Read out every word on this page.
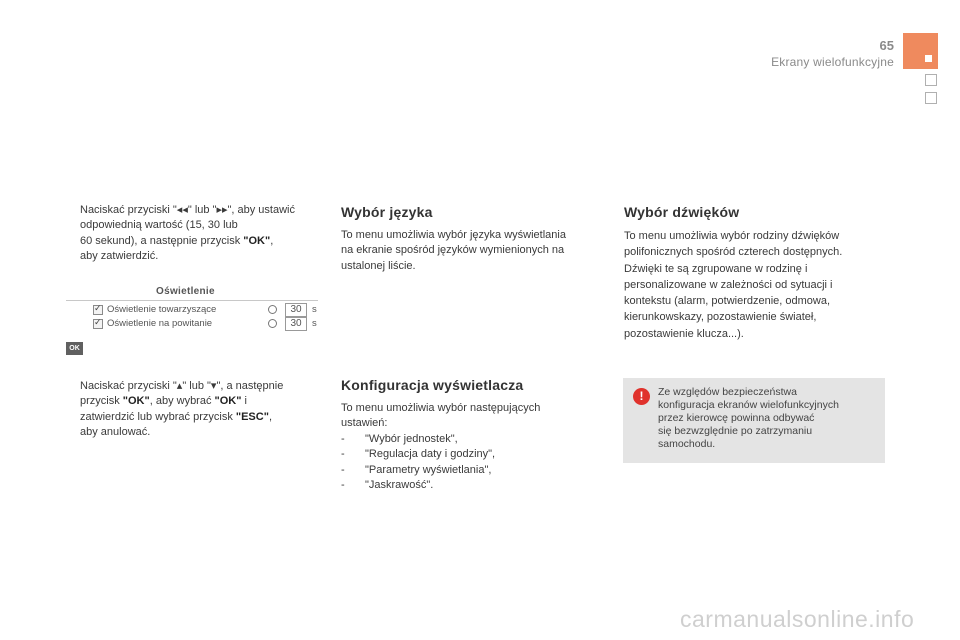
65
Ekrany wielofunkcyjne
Naciskać przyciski "◂◂" lub "▸▸", aby ustawić
odpowiednią wartość (15, 30 lub
60 sekund), a następnie przycisk "OK",
aby zatwierdzić.
Oświetlenie
✓
Oświetlenie towarzyszące	30	s
✓
Oświetlenie na powitanie	30	s
OK
Naciskać przyciski "▴" lub "▾", a następnie
przycisk "OK", aby wybrać "OK" i
zatwierdzić lub wybrać przycisk "ESC",
aby anulować.
Wybór języka
To menu umożliwia wybór języka wyświetlania
na ekranie spośród języków wymienionych na
ustalonej liście.
Konfiguracja wyświetlacza
To menu umożliwia wybór następujących
ustawień:
- "Wybór jednostek",
- "Regulacja daty i godziny",
- "Parametry wyświetlania",
- "Jaskrawość".
Wybór dźwięków
To menu umożliwia wybór rodziny dźwięków
polifonicznych spośród czterech dostępnych.
Dźwięki te są zgrupowane w rodzinę i
personalizowane w zależności od sytuacji i
kontekstu (alarm, potwierdzenie, odmowa,
kierunkowskazy, pozostawienie świateł,
pozostawienie klucza...).
!	Ze względów bezpieczeństwa
konfiguracja ekranów wielofunkcyjnych
przez kierowcę powinna odbywać
się bezwzględnie po zatrzymaniu
samochodu.
carmanualsonline.info
